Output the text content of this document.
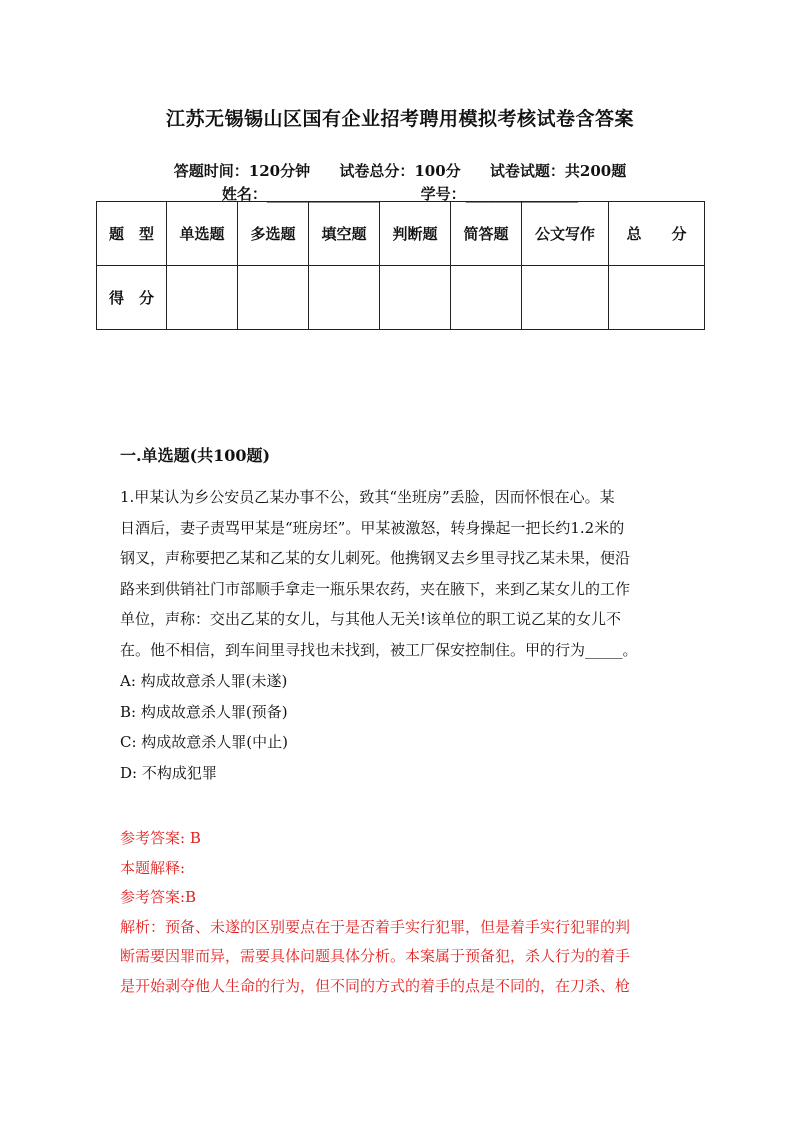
江苏无锡锡山区国有企业招考聘用模拟考核试卷含答案
答题时间：120分钟 试卷总分：100分 试卷试题：共200题
姓名：_______________	学号：_______________
题　型	单选题	多选题	填空题	判断题	简答题	公文写作	总　　分
得　分							
一.单选题(共100题)
1.甲某认为乡公安员乙某办事不公，致其“坐班房”丢脸，因而怀恨在心。某
日酒后，妻子责骂甲某是“班房坯”。甲某被激怒，转身操起一把长约1.2米的
钢叉，声称要把乙某和乙某的女儿刺死。他携钢叉去乡里寻找乙某未果，便沿
路来到供销社门市部顺手拿走一瓶乐果农药，夹在腋下，来到乙某女儿的工作
单位，声称：交出乙某的女儿，与其他人无关!该单位的职工说乙某的女儿不
在。他不相信，到车间里寻找也未找到，被工厂保安控制住。甲的行为_____。
A: 构成故意杀人罪(未遂)
B: 构成故意杀人罪(预备)
C: 构成故意杀人罪(中止)
D: 不构成犯罪
参考答案: B
本题解释:
参考答案:B
解析：预备、未遂的区别要点在于是否着手实行犯罪，但是着手实行犯罪的判
断需要因罪而异，需要具体问题具体分析。本案属于预备犯，杀人行为的着手
是开始剥夺他人生命的行为，但不同的方式的着手的点是不同的，在刀杀、枪
